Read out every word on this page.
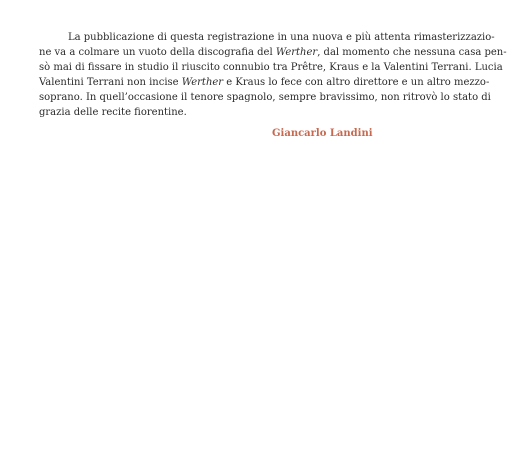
La pubblicazione di questa registrazione in una nuova e più attenta rimasterizzazio-
ne va a colmare un vuoto della discografia del Werther, dal momento che nessuna casa pen-
sò mai di fissare in studio il riuscito connubio tra Prêtre, Kraus e la Valentini Terrani. Lucia
Valentini Terrani non incise Werther e Kraus lo fece con altro direttore e un altro mezzo-
soprano. In quell’occasione il tenore spagnolo, sempre bravissimo, non ritrovò lo stato di
grazia delle recite fiorentine.
Giancarlo Landini
